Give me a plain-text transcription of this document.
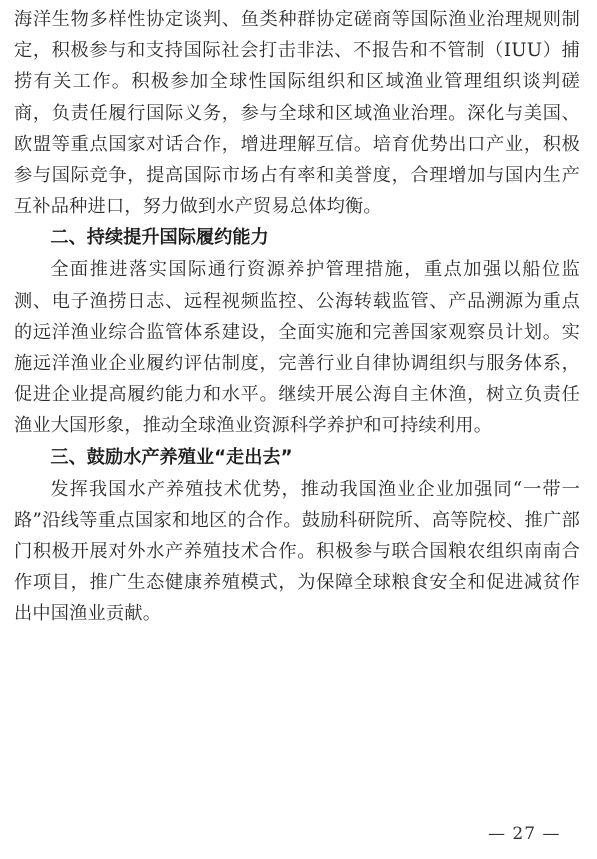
海洋生物多样性协定谈判、鱼类种群协定磋商等国际渔业治理规则制定，积极参与和支持国际社会打击非法、不报告和不管制（IUU）捕捞有关工作。积极参加全球性国际组织和区域渔业管理组织谈判磋商，负责任履行国际义务，参与全球和区域渔业治理。深化与美国、欧盟等重点国家对话合作，增进理解互信。培育优势出口产业，积极参与国际竞争，提高国际市场占有率和美誉度，合理增加与国内生产互补品种进口，努力做到水产贸易总体均衡。

二、持续提升国际履约能力

全面推进落实国际通行资源养护管理措施，重点加强以船位监测、电子渔捞日志、远程视频监控、公海转载监管、产品溯源为重点的远洋渔业综合监管体系建设，全面实施和完善国家观察员计划。实施远洋渔业企业履约评估制度，完善行业自律协调组织与服务体系，促进企业提高履约能力和水平。继续开展公海自主休渔，树立负责任渔业大国形象，推动全球渔业资源科学养护和可持续利用。

三、鼓励水产养殖业“走出去”

发挥我国水产养殖技术优势，推动我国渔业企业加强同“一带一路”沿线等重点国家和地区的合作。鼓励科研院所、高等院校、推广部门积极开展对外水产养殖技术合作。积极参与联合国粮农组织南南合作项目，推广生态健康养殖模式，为保障全球粮食安全和促进减贫作出中国渔业贡献。

— 27 —
